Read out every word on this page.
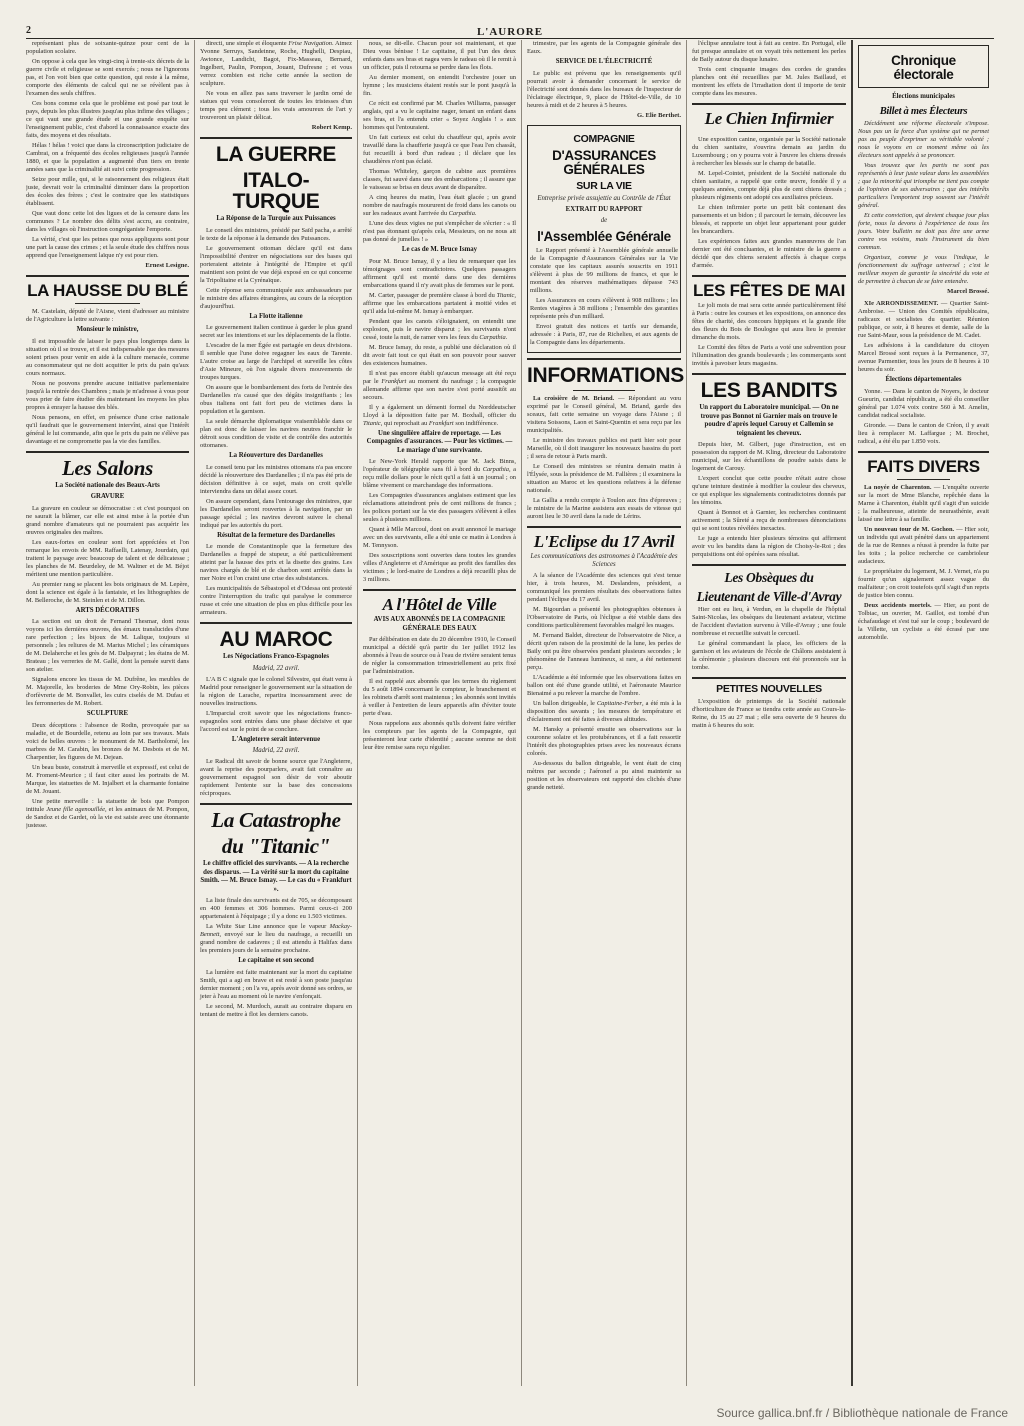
2	L'AURORE

représentant plus de soixante-quinze pour cent de la population scolaire.

On oppose à cela que les vingt-cinq à trente-six décrets de la guerre civile et religieuse se sont exercés ; nous ne l'ignorons pas, et l'on voit bien que cette question, qui reste à la même, comporte des éléments de calcul qui ne se révèlent pas à l'examen des seuls chiffres.

Ces bons comme cela que le problème est posé par tout le pays, depuis les plus illustres jusqu'au plus infime des villages ; ce qui vaut une grande étude et une grande enquête sur l'enseignement public, c'est d'abord la connaissance exacte des faits, des moyens et des résultats.

Hélas ! hélas ! voici que dans la circonscription judiciaire de Cambrai, on a fréquenté des écoles religieuses jusqu'à l'année 1880, et que la population a augmenté d'un tiers en trente années sans que la criminalité ait suivi cette progression.

Seize pour mille, qui, si le raisonnement des religieux était juste, devrait voir la criminalité diminuer dans la proportion des écoles des frères ; c'est le contraire que les statistiques établissent.

Que vaut donc cette loi des ligues et de la censure dans les communes ? Le nombre des délits s'est accru, au contraire, dans les villages où l'instruction congréganiste l'emporte.

La vérité, c'est que les peines que nous appliquons sont pour une part la cause des crimes ; et la seule étude des chiffres nous apprend que l'enseignement laïque n'y est pour rien.

Ernest Lesigne.
LA HAUSSE DU BLÉ

M. Castelain, député de l'Aisne, vient d'adresser au ministre de l'Agriculture la lettre suivante :

Monsieur le ministre,

Il est impossible de laisser le pays plus longtemps dans la situation où il se trouve, et il est indispensable que des mesures soient prises pour venir en aide à la culture menacée, comme au consommateur qui ne doit acquitter le prix du pain qu'aux cours normaux.

Nous ne pouvons prendre aucune initiative parlementaire jusqu'à la rentrée des Chambres ; mais je m'adresse à vous pour vous prier de faire étudier dès maintenant les moyens les plus propres à enrayer la hausse des blés.

Nous pensons, en effet, en présence d'une crise nationale qu'il faudrait que le gouvernement intervînt, ainsi que l'intérêt général le lui commande, afin que le prix du pain ne s'élève pas davantage et ne compromette pas la vie des familles.

Les Salons
La Société nationale des Beaux-Arts
GRAVURE

La gravure en couleur se démocratise : et c'est pourquoi on ne saurait la blâmer, car elle est ainsi mise à la portée d'un grand nombre d'amateurs qui ne pourraient pas acquérir les œuvres originales des maîtres.

Les eaux-fortes en couleur sont fort appréciées et l'on remarque les envois de MM. Raffaelli, Latenay, Jourdain, qui traitent le paysage avec beaucoup de talent et de délicatesse ; les planches de M. Beurdeley, de M. Waltner et de M. Béjot méritent une mention particulière.

Au premier rang se placent les bois originaux de M. Lepère, dont la science est égale à la fantaisie, et les lithographies de M. Belleroche, de M. Steinlen et de M. Dillon.

ARTS DÉCORATIFS

La section est un droit de Fernand Thesmar, dont nous voyons ici les dernières œuvres, des émaux translucides d'une rare perfection ; les bijoux de M. Lalique, toujours si personnels ; les reliures de M. Marius Michel ; les céramiques de M. Delaherche et les grès de M. Dalpayrat ; les étains de M. Brateau ; les verreries de M. Gallé, dont la pensée survit dans son atelier.

Signalons encore les tissus de M. Dufrêne, les meubles de M. Majorelle, les broderies de Mme Ory-Robin, les pièces d'orfèvrerie de M. Bonvallet, les cuirs ciselés de M. Dufau et les ferronneries de M. Robert.

SCULPTURE

Deux déceptions : l'absence de Rodin, provoquée par sa maladie, et de Bourdelle, retenu au loin par ses travaux. Mais voici de belles œuvres : le monument de M. Bartholomé, les marbres de M. Carabin, les bronzes de M. Desbois et de M. Charpentier, les figures de M. Dejean.

Un beau buste, construit à merveille et expressif, est celui de M. Froment-Meurice ; il faut citer aussi les portraits de M. Marque, les statuettes de M. Injalbert et la charmante fontaine de M. Jouant.

Une petite merveille : la statuette de bois que Pompon intitule Jeune fille agenouillée, et les animaux de M. Pompon, de Sandoz et de Gardet, où la vie est saisie avec une étonnante justesse.

directi, une simple et éloquente Frise Navigation. Aimez Yvonne Serruys, Sandeinne, Roche, Hughelli, Despiau, Awtonce, Landicht, Bagot, Fix-Masseau, Bernard, Ingelbert, Paulin, Pompon, Jouant, Dufresne ; et vous verrez combien est riche cette année la section de sculpture.

Ne vous en allez pas sans traverser le jardin orné de statues qui vous consoleront de toutes les tristesses d'un temps peu clément ; tous les vrais amoureux de l'art y trouveront un plaisir délicat.

Robert Kemp.
LA GUERRE
ITALO-TURQUE
La Réponse de la Turquie aux Puissances

Le conseil des ministres, présidé par Saïd pacha, a arrêté le texte de la réponse à la demande des Puissances.

Le gouvernement ottoman déclare qu'il est dans l'impossibilité d'entrer en négociations sur des bases qui porteraient atteinte à l'intégrité de l'Empire et qu'il maintient son point de vue déjà exposé en ce qui concerne la Tripolitaine et la Cyrénaïque.

Cette réponse sera communiquée aux ambassadeurs par le ministre des affaires étrangères, au cours de la réception d'aujourd'hui.

La Flotte italienne

Le gouvernement italien continue à garder le plus grand secret sur les intentions et sur les déplacements de la flotte.

L'escadre de la mer Égée est partagée en deux divisions. Il semble que l'une doive regagner les eaux de Tarente. L'autre croise au large de l'archipel et surveille les côtes d'Asie Mineure, où l'on signale divers mouvements de troupes turques.

On assure que le bombardement des forts de l'entrée des Dardanelles n'a causé que des dégâts insignifiants ; les obus italiens ont fait fort peu de victimes dans la population et la garnison.

La seule démarche diplomatique vraisemblable dans ce plan est donc de laisser les navires neutres franchir le détroit sous condition de visite et de contrôle des autorités ottomanes.

La Réouverture des Dardanelles

Le conseil tenu par les ministres ottomans n'a pas encore décidé la réouverture des Dardanelles ; il n'a pas été pris de décision définitive à ce sujet, mais on croit qu'elle interviendra dans un délai assez court.

On assure cependant, dans l'entourage des ministres, que les Dardanelles seront rouvertes à la navigation, par un passage spécial ; les navires devront suivre le chenal indiqué par les autorités du port.

Résultat de la fermeture des Dardanelles

Le monde de Constantinople que la fermeture des Dardanelles a frappé de stupeur, a été particulièrement atteint par la hausse des prix et la disette des grains. Les navires chargés de blé et de charbon sont arrêtés dans la mer Noire et l'on craint une crise des subsistances.

Les municipalités de Sébastopol et d'Odessa ont protesté contre l'interruption du trafic qui paralyse le commerce russe et crée une situation de plus en plus difficile pour les armateurs.

AU MAROC
Les Négociations Franco-Espagnoles
Madrid, 22 avril.

L'A B C signale que le colonel Silvestre, qui était venu à Madrid pour renseigner le gouvernement sur la situation de la région de Larache, repartira incessamment avec de nouvelles instructions.

L'Imparcial croit savoir que les négociations franco-espagnoles sont entrées dans une phase décisive et que l'accord est sur le point de se conclure.

L'Angleterre serait intervenue
Madrid, 22 avril.

Le Radical dit savoir de bonne source que l'Angleterre, avant la reprise des pourparlers, avait fait connaître au gouvernement espagnol son désir de voir aboutir rapidement l'entente sur la base des concessions réciproques.

La Catastrophe
du "Titanic"
Le chiffre officiel des survivants. — A la recherche des disparus. — La vérité sur la mort du capitaine Smith. — M. Bruce Ismay. — Le cas du « Frankfurt ».

La liste finale des survivants est de 705, se décomposant en 400 femmes et 306 hommes. Parmi ceux-ci 200 appartenaient à l'équipage ; il y a donc eu 1.503 victimes.

La White Star Line annonce que le vapeur Mackay-Bennett, envoyé sur le lieu du naufrage, a recueilli un grand nombre de cadavres ; il est attendu à Halifax dans les premiers jours de la semaine prochaine.

Le capitaine et son second

La lumière est faite maintenant sur la mort du capitaine Smith, qui a agi en brave et est resté à son poste jusqu'au dernier moment ; on l'a vu, après avoir donné ses ordres, se jeter à l'eau au moment où le navire s'enfonçait.

Le second, M. Murdoch, aurait au contraire disparu en tentant de mettre à flot les derniers canots.

nous, se dit-elle. Chacun pour soi maintenant, et que Dieu vous bénisse ! Le capitaine, il put l'un des deux enfants dans ses bras et nagea vers le radeau où il le remit à un officier, puis il retourna se perdre dans les flots.

Au dernier moment, on entendit l'orchestre jouer un hymne ; les musiciens étaient restés sur le pont jusqu'à la fin.

Ce récit est confirmé par M. Charles Williams, passager anglais, qui a vu le capitaine nager, tenant un enfant dans ses bras, et l'a entendu crier « Soyez Anglais ! » aux hommes qui l'entouraient.

Un fait curieux est celui du chauffeur qui, après avoir travaillé dans la chaufferie jusqu'à ce que l'eau l'en chassât, fut recueilli à bord d'un radeau ; il déclare que les chaudières n'ont pas éclaté.

Thomas Whiteley, garçon de cabine aux premières classes, fut sauvé dans une des embarcations ; il assure que le vaisseau se brisa en deux avant de disparaître.

A cinq heures du matin, l'eau était glacée ; un grand nombre de naufragés moururent de froid dans les canots ou sur les radeaux avant l'arrivée du Carpathia.

L'une des deux vigies ne put s'empêcher de s'écrier : « Il n'est pas étonnant qu'après cela, Messieurs, on ne nous ait pas donné de jumelles ! »

Le cas de M. Bruce Ismay

Pour M. Bruce Ismay, il y a lieu de remarquer que les témoignages sont contradictoires. Quelques passagers affirment qu'il est monté dans une des dernières embarcations quand il n'y avait plus de femmes sur le pont.

M. Carter, passager de première classe à bord du Titanic, affirme que les embarcations partaient à moitié vides et qu'il aida lui-même M. Ismay à embarquer.

Pendant que les canots s'éloignaient, on entendit une explosion, puis le navire disparut ; les survivants n'ont cessé, toute la nuit, de ramer vers les feux du Carpathia.

M. Bruce Ismay, du reste, a publié une déclaration où il dit avoir fait tout ce qui était en son pouvoir pour sauver des existences humaines.

Il n'est pas encore établi qu'aucun message ait été reçu par le Frankfurt au moment du naufrage ; la compagnie allemande affirme que son navire s'est porté aussitôt au secours.

Il y a également un démenti formel du Norddeutscher Lloyd à la déposition faite par M. Boxhall, officier du Titanic, qui reprochait au Frankfurt son indifférence.

Une singulière affaire de reportage. — Les Compagnies d'assurances. — Pour les victimes. — Le mariage d'une survivante.

Le New-York Herald rapporte que M. Jack Binns, l'opérateur de télégraphie sans fil à bord du Carpathia, a reçu mille dollars pour le récit qu'il a fait à un journal ; on blâme vivement ce marchandage des informations.

Les Compagnies d'assurances anglaises estiment que les réclamations atteindront près de cent millions de francs ; les polices portant sur la vie des passagers s'élèvent à elles seules à plusieurs millions.

Quant à Mlle Marcoul, dont on avait annoncé le mariage avec un des survivants, elle a été unie ce matin à Londres à M. Tennyson.

Des souscriptions sont ouvertes dans toutes les grandes villes d'Angleterre et d'Amérique au profit des familles des victimes ; le lord-maire de Londres a déjà recueilli plus de 3 millions.

A l'Hôtel de Ville
AVIS AUX ABONNÉS DE LA COMPAGNIE GÉNÉRALE DES EAUX

Par délibération en date du 20 décembre 1910, le Conseil municipal a décidé qu'à partir du 1er juillet 1912 les abonnés à l'eau de source ou à l'eau de rivière seraient tenus de régler la consommation trimestriellement au prix fixé par l'administration.

Il est rappelé aux abonnés que les termes du règlement du 5 août 1894 concernant le compteur, le branchement et les robinets d'arrêt sont maintenus ; les abonnés sont invités à veiller à l'entretien de leurs appareils afin d'éviter toute perte d'eau.

Nous rappelons aux abonnés qu'ils doivent faire vérifier les compteurs par les agents de la Compagnie, qui présenteront leur carte d'identité ; aucune somme ne doit leur être remise sans reçu régulier.

trimestre, par les agents de la Compagnie générale des Eaux.

SERVICE DE L'ÉLECTRICITÉ

Le public est prévenu que les renseignements qu'il pourrait avoir à demander concernant le service de l'électricité sont donnés dans les bureaux de l'inspecteur de l'éclairage électrique, 9, place de l'Hôtel-de-Ville, de 10 heures à midi et de 2 heures à 5 heures.

G. Elie Berthet.
COMPAGNIE
D'ASSURANCES GÉNÉRALES
SUR LA VIE
Entreprise privée assujettie au Contrôle de l'État
EXTRAIT DU RAPPORT
de
l'Assemblée Générale

Le Rapport présenté à l'Assemblée générale annuelle de la Compagnie d'Assurances Générales sur la Vie constate que les capitaux assurés souscrits en 1911 s'élèvent à plus de 99 millions de francs, et que le montant des réserves mathématiques dépasse 743 millions.

Les Assurances en cours s'élèvent à 908 millions ; les Rentes viagères à 38 millions ; l'ensemble des garanties représente près d'un milliard.

Envoi gratuit des notices et tarifs sur demande, adressée : à Paris, 87, rue de Richelieu, et aux agents de la Compagnie dans les départements.

INFORMATIONS

La croisière de M. Briand. — Répondant au vœu exprimé par le Conseil général, M. Briand, garde des sceaux, fait cette semaine un voyage dans l'Aisne ; il visitera Soissons, Laon et Saint-Quentin et sera reçu par les municipalités.

Le ministre des travaux publics est parti hier soir pour Marseille, où il doit inaugurer les nouveaux bassins du port ; il sera de retour à Paris mardi.

Le Conseil des ministres se réunira demain matin à l'Élysée, sous la présidence de M. Fallières ; il examinera la situation au Maroc et les questions relatives à la défense nationale.

La Gallia a rendu compte à Toulon aux fins d'épreuves ; le ministre de la Marine assistera aux essais de vitesse qui auront lieu le 30 avril dans la rade de Lérins.

L'Eclipse du 17 Avril
Les communications des astronomes à l'Académie des Sciences

A la séance de l'Académie des sciences qui s'est tenue hier, à trois heures, M. Deslandres, président, a communiqué les premiers résultats des observations faites pendant l'éclipse du 17 avril.

M. Bigourdan a présenté les photographies obtenues à l'Observatoire de Paris, où l'éclipse a été visible dans des conditions particulièrement favorables malgré les nuages.

M. Fernand Baldet, directeur de l'observatoire de Nice, a décrit qu'en raison de la proximité de la lune, les perles de Baily ont pu être observées pendant plusieurs secondes ; le phénomène de l'anneau lumineux, si rare, a été nettement perçu.

L'Académie a été informée que les observations faites en ballon ont été d'une grande utilité, et l'aéronaute Maurice Bienaimé a pu relever la marche de l'ombre.

Un ballon dirigeable, le Capitaine-Ferber, a été mis à la disposition des savants ; les mesures de température et d'éclairement ont été faites à diverses altitudes.

M. Hansky a présenté ensuite ses observations sur la couronne solaire et les protubérances, et il a fait ressortir l'intérêt des photographies prises avec les nouveaux écrans colorés.

Au-dessous du ballon dirigeable, le vent était de cinq mètres par seconde ; l'aéronef a pu ainsi maintenir sa position et les observateurs ont rapporté des clichés d'une grande netteté.

l'éclipse annulaire tout à fait au centre. En Portugal, elle fut presque annulaire et on voyait très nettement les perles de Baily autour du disque lunaire.

Trois cent cinquante images des cordes de grandes planches ont été recueillies par M. Jules Baillaud, et montrent les effets de l'irradiation dont il importe de tenir compte dans les mesures.

Le Chien Infirmier

Une exposition canine, organisée par la Société nationale du chien sanitaire, s'ouvrira demain au jardin du Luxembourg ; on y pourra voir à l'œuvre les chiens dressés à rechercher les blessés sur le champ de bataille.

M. Lepel-Cointet, président de la Société nationale du chien sanitaire, a rappelé que cette œuvre, fondée il y a quelques années, compte déjà plus de cent chiens dressés ; plusieurs régiments ont adopté ces auxiliaires précieux.

Le chien infirmier porte un petit bât contenant des pansements et un bidon ; il parcourt le terrain, découvre les blessés, et rapporte un objet leur appartenant pour guider les brancardiers.

Les expériences faites aux grandes manœuvres de l'an dernier ont été concluantes, et le ministre de la guerre a décidé que des chiens seraient affectés à chaque corps d'armée.

LES FÊTES DE MAI

Le joli mois de mai sera cette année particulièrement fêté à Paris : outre les courses et les expositions, on annonce des fêtes de charité, des concours hippiques et la grande fête des fleurs du Bois de Boulogne qui aura lieu le premier dimanche du mois.

Le Comité des fêtes de Paris a voté une subvention pour l'illumination des grands boulevards ; les commerçants sont invités à pavoiser leurs magasins.

LES BANDITS
Un rapport du Laboratoire municipal. — On ne trouve pas Bonnot ni Garnier mais on trouve le poudre d'après lequel Carouy et Callemin se teignaient les cheveux.

Depuis hier, M. Gilbert, juge d'instruction, est en possession du rapport de M. Kling, directeur du Laboratoire municipal, sur les échantillons de poudre saisis dans le logement de Carouy.

L'expert conclut que cette poudre n'était autre chose qu'une teinture destinée à modifier la couleur des cheveux, ce qui explique les signalements contradictoires donnés par les témoins.

Quant à Bonnot et à Garnier, les recherches continuent activement ; la Sûreté a reçu de nombreuses dénonciations qui se sont toutes révélées inexactes.

Le juge a entendu hier plusieurs témoins qui affirment avoir vu les bandits dans la région de Choisy-le-Roi ; des perquisitions ont été opérées sans résultat.

Les Obsèques du
Lieutenant de Ville-d'Avray

Hier ont eu lieu, à Verdun, en la chapelle de l'hôpital Saint-Nicolas, les obsèques du lieutenant aviateur, victime de l'accident d'aviation survenu à Ville-d'Avray ; une foule nombreuse et recueillie suivait le cercueil.

Le général commandant la place, les officiers de la garnison et les aviateurs de l'école de Châlons assistaient à la cérémonie ; plusieurs discours ont été prononcés sur la tombe.

PETITES NOUVELLES

L'exposition de printemps de la Société nationale d'horticulture de France se tiendra cette année au Cours-la-Reine, du 15 au 27 mai ; elle sera ouverte de 9 heures du matin à 6 heures du soir.

Chronique électorale
Élections municipales
Billet à mes Électeurs

Décidément une réforme électorale s'impose. Nous pas un la force d'un système qui ne permet pas au peuple d'exprimer sa véritable volonté ; nous le voyons en ce moment même où les électeurs sont appelés à se prononcer.

Vous trouvez que les partis ne sont pas représentés à leur juste valeur dans les assemblées ; que la minorité qui triomphe ne tient pas compte de l'opinion de ses adversaires ; que des intérêts particuliers l'emportent trop souvent sur l'intérêt général.

Et cette conviction, qui devient chaque jour plus forte, nous la devons à l'expérience de tous les jours. Votre bulletin ne doit pas être une arme contre vos voisins, mais l'instrument du bien commun.

Organisez, comme je vous l'indique, le fonctionnement du suffrage universel ; c'est le meilleur moyen de garantir la sincérité du vote et de permettre à chacun de se faire entendre.

Marcel Brossé.

XIe ARRONDISSEMENT. — Quartier Saint-Ambroise. — Union des Comités républicains, radicaux et socialistes du quartier. Réunion publique, ce soir, à 8 heures et demie, salle de la rue Saint-Maur, sous la présidence de M. Cadet.

Les adhésions à la candidature du citoyen Marcel Brossé sont reçues à la Permanence, 37, avenue Parmentier, tous les jours de 8 heures à 10 heures du soir.

Élections départementales

Yonne. — Dans le canton de Noyers, le docteur Gueurin, candidat républicain, a été élu conseiller général par 1.074 voix contre 560 à M. Amelin, candidat radical socialiste.

Gironde. — Dans le canton de Créon, il y avait lieu à remplacer M. Laffargue ; M. Brochet, radical, a été élu par 1.850 voix.

FAITS DIVERS

La noyée de Charenton. — L'enquête ouverte sur la mort de Mme Blanche, repêchée dans la Marne à Charenton, établit qu'il s'agit d'un suicide ; la malheureuse, atteinte de neurasthénie, avait laissé une lettre à sa famille.

Un nouveau tour de M. Gochon. — Hier soir, un individu qui avait pénétré dans un appartement de la rue de Rennes a réussi à prendre la fuite par les toits ; la police recherche ce cambrioleur audacieux.

Le propriétaire du logement, M. J. Vernet, n'a pu fournir qu'un signalement assez vague du malfaiteur ; on croit toutefois qu'il s'agit d'un repris de justice bien connu.

Deux accidents mortels. — Hier, au pont de Tolbiac, un ouvrier, M. Gaillot, est tombé d'un échafaudage et s'est tué sur le coup ; boulevard de la Villette, un cycliste a été écrasé par une automobile.

Source gallica.bnf.fr / Bibliothèque nationale de France
